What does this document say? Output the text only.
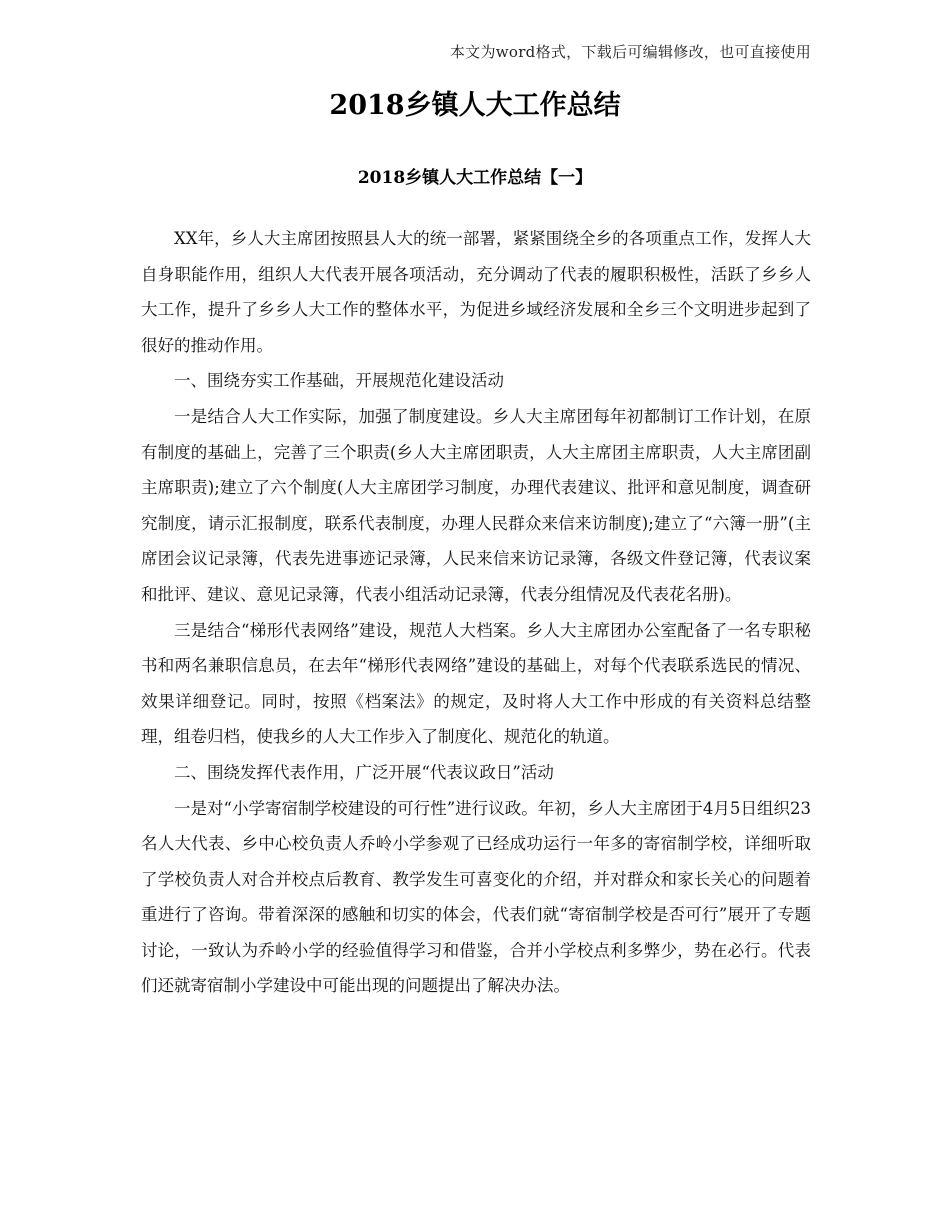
本文为word格式，下载后可编辑修改，也可直接使用
2018乡镇人大工作总结
2018乡镇人大工作总结【一】

XX年，乡人大主席团按照县人大的统一部署，紧紧围绕全乡的各项重点工作，发挥人大自身职能作用，组织人大代表开展各项活动，充分调动了代表的履职积极性，活跃了乡乡人大工作，提升了乡乡人大工作的整体水平，为促进乡域经济发展和全乡三个文明进步起到了很好的推动作用。

一、围绕夯实工作基础，开展规范化建设活动

一是结合人大工作实际，加强了制度建设。乡人大主席团每年初都制订工作计划，在原有制度的基础上，完善了三个职责(乡人大主席团职责，人大主席团主席职责，人大主席团副主席职责);建立了六个制度(人大主席团学习制度，办理代表建议、批评和意见制度，调查研究制度，请示汇报制度，联系代表制度，办理人民群众来信来访制度);建立了“六簿一册”(主席团会议记录簿，代表先进事迹记录簿，人民来信来访记录簿，各级文件登记簿，代表议案和批评、建议、意见记录簿，代表小组活动记录簿，代表分组情况及代表花名册)。

三是结合“梯形代表网络”建设，规范人大档案。乡人大主席团办公室配备了一名专职秘书和两名兼职信息员，在去年“梯形代表网络”建设的基础上，对每个代表联系选民的情况、效果详细登记。同时，按照《档案法》的规定，及时将人大工作中形成的有关资料总结整理，组卷归档，使我乡的人大工作步入了制度化、规范化的轨道。

二、围绕发挥代表作用，广泛开展“代表议政日”活动

一是对“小学寄宿制学校建设的可行性”进行议政。年初，乡人大主席团于4月5日组织23名人大代表、乡中心校负责人乔岭小学参观了已经成功运行一年多的寄宿制学校，详细听取了学校负责人对合并校点后教育、教学发生可喜变化的介绍，并对群众和家长关心的问题着重进行了咨询。带着深深的感触和切实的体会，代表们就“寄宿制学校是否可行”展开了专题讨论，一致认为乔岭小学的经验值得学习和借鉴，合并小学校点利多弊少，势在必行。代表们还就寄宿制小学建设中可能出现的问题提出了解决办法。
